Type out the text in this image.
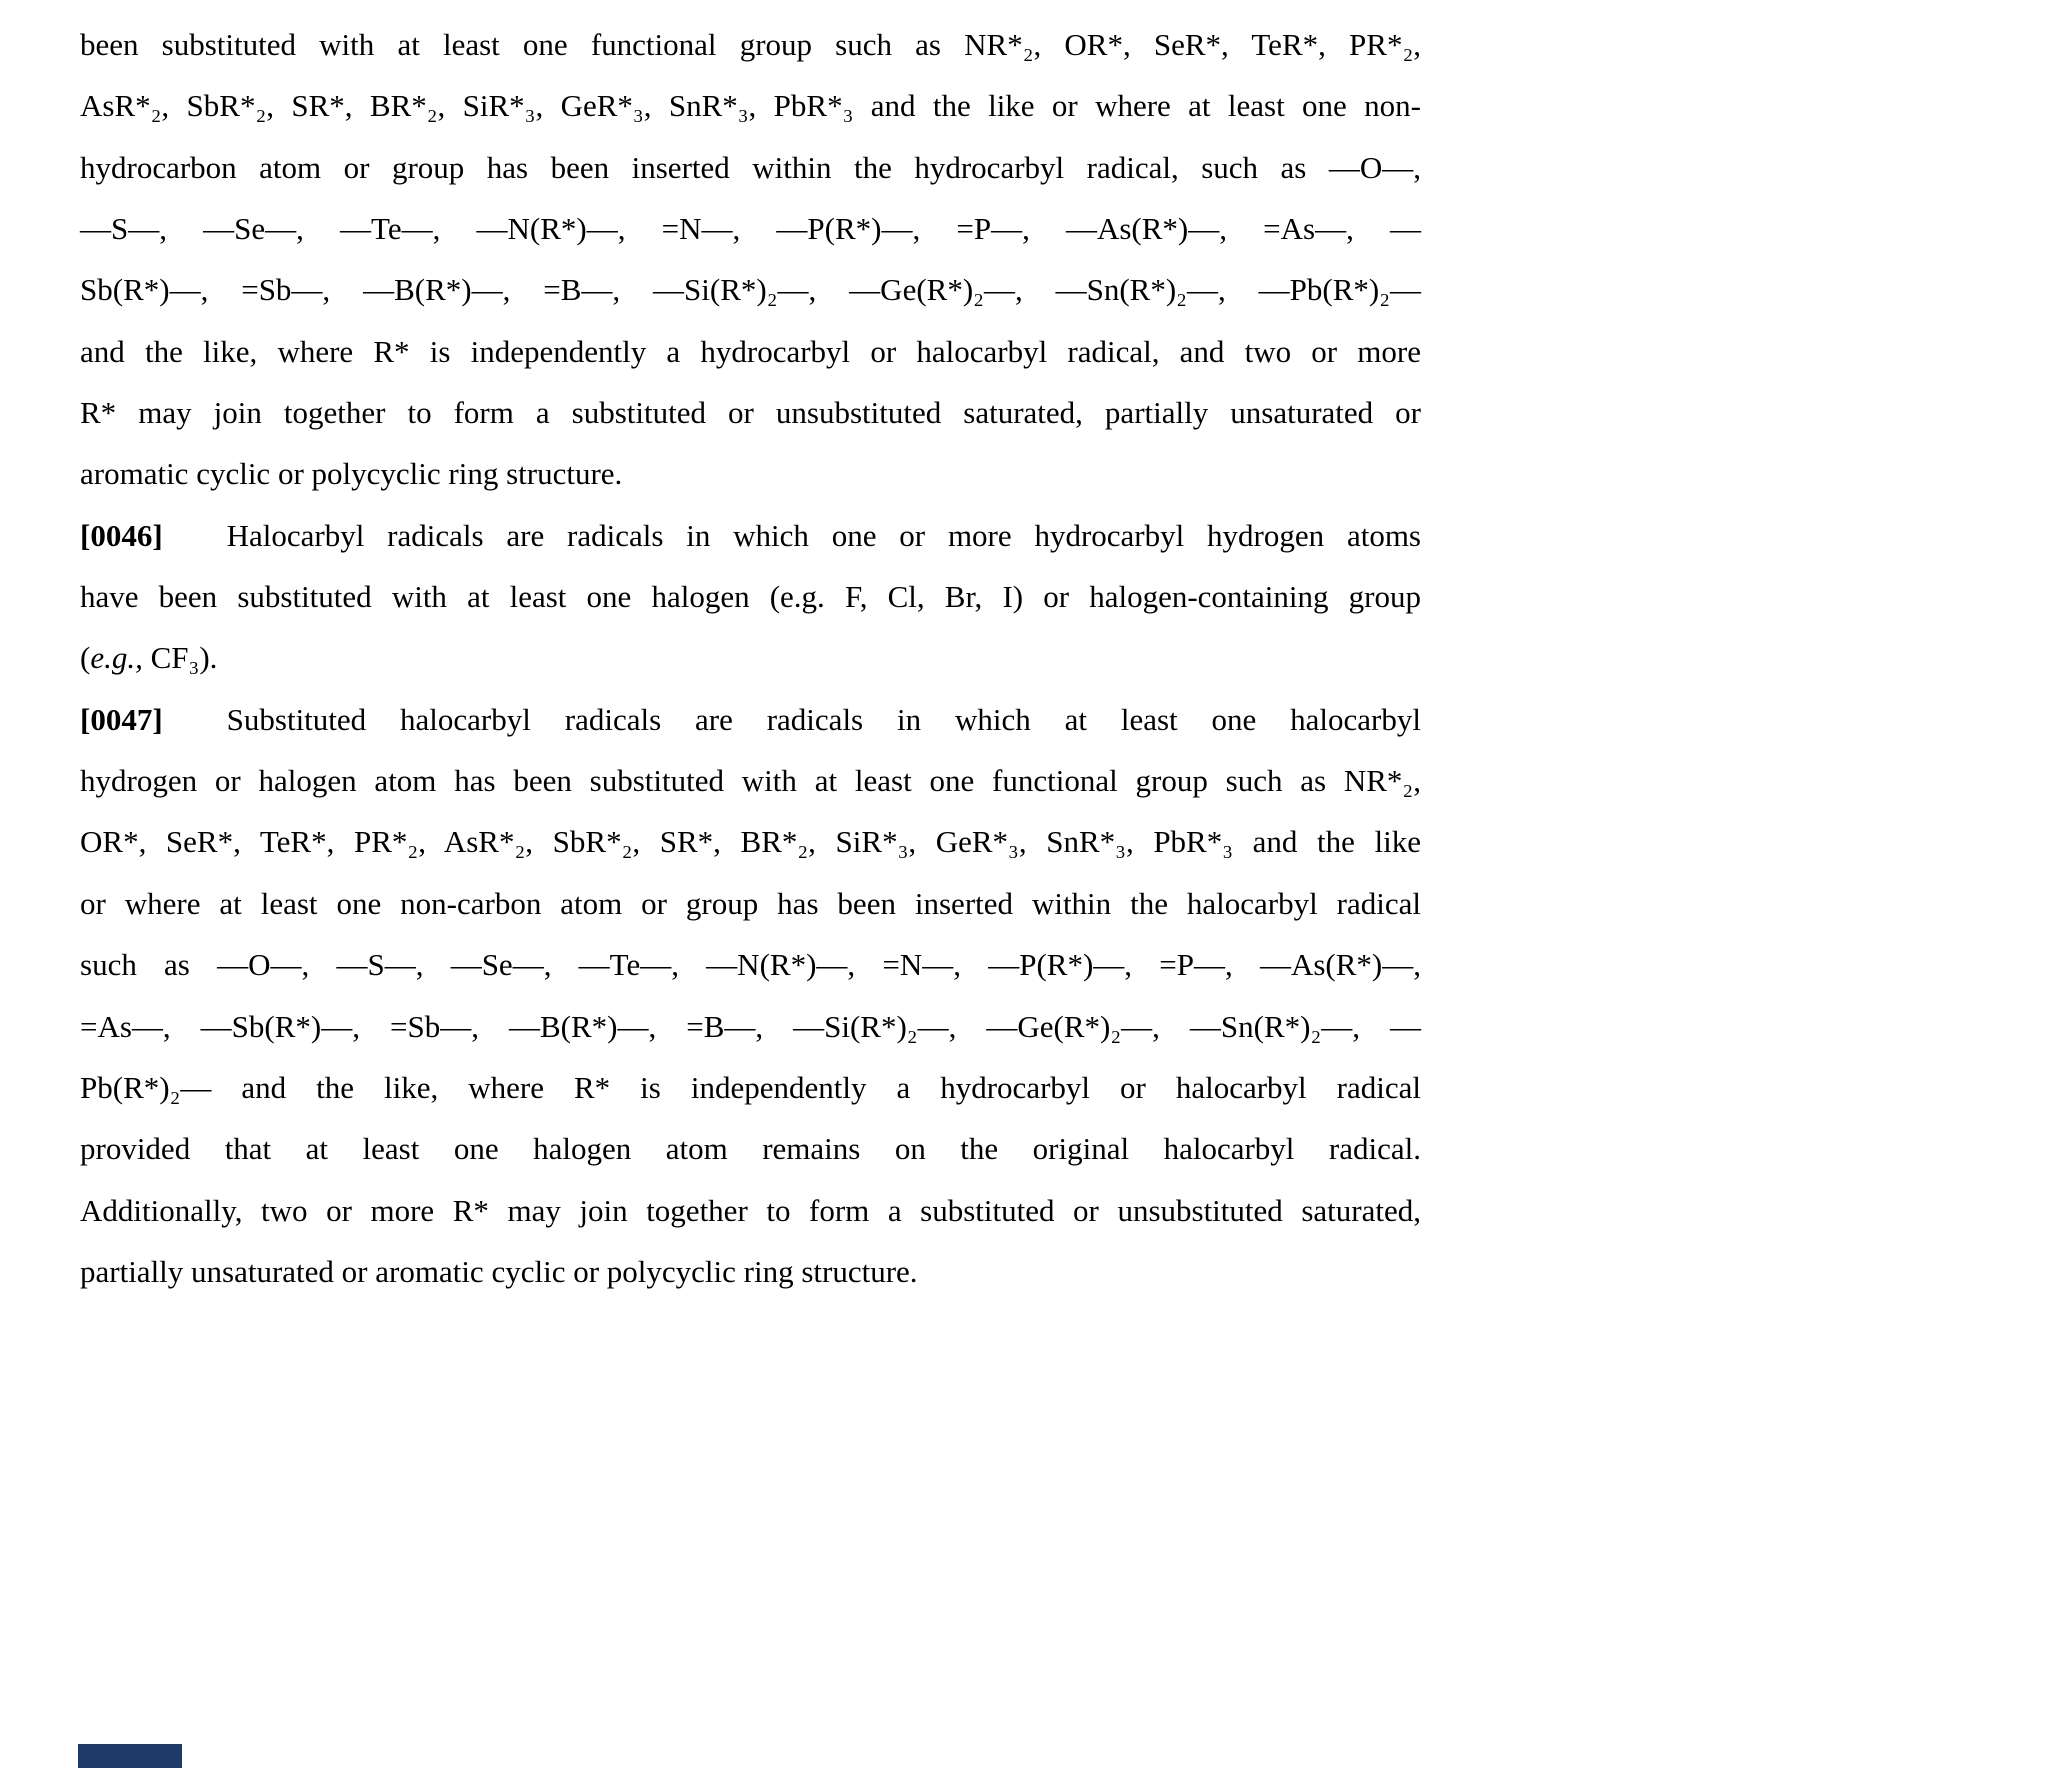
been substituted with at least one functional group such as NR*₂, OR*, SeR*, TeR*, PR*₂,
AsR*₂, SbR*₂, SR*, BR*₂, SiR*₃, GeR*₃, SnR*₃, PbR*₃ and the like or where at least one non-
hydrocarbon atom or group has been inserted within the hydrocarbyl radical, such as —O—,
—S—, —Se—, —Te—, —N(R*)—, =N—, —P(R*)—, =P—, —As(R*)—, =As—, —
Sb(R*)—, =Sb—, —B(R*)—, =B—, —Si(R*)₂—, —Ge(R*)₂—, —Sn(R*)₂—, —Pb(R*)₂—
and the like, where R* is independently a hydrocarbyl or halocarbyl radical, and two or more
R* may join together to form a substituted or unsubstituted saturated, partially unsaturated or
aromatic cyclic or polycyclic ring structure.
[0046] Halocarbyl radicals are radicals in which one or more hydrocarbyl hydrogen atoms
have been substituted with at least one halogen (e.g. F, Cl, Br, I) or halogen-containing group
(e.g., CF₃).
[0047] Substituted halocarbyl radicals are radicals in which at least one halocarbyl
hydrogen or halogen atom has been substituted with at least one functional group such as NR*₂,
OR*, SeR*, TeR*, PR*₂, AsR*₂, SbR*₂, SR*, BR*₂, SiR*₃, GeR*₃, SnR*₃, PbR*₃ and the like
or where at least one non-carbon atom or group has been inserted within the halocarbyl radical
such as —O—, —S—, —Se—, —Te—, —N(R*)—, =N—, —P(R*)—, =P—, —As(R*)—,
=As—, —Sb(R*)—, =Sb—, —B(R*)—, =B—, —Si(R*)₂—, —Ge(R*)₂—, —Sn(R*)₂—, —
Pb(R*)₂— and the like, where R* is independently a hydrocarbyl or halocarbyl radical
provided that at least one halogen atom remains on the original halocarbyl radical.
Additionally, two or more R* may join together to form a substituted or unsubstituted saturated,
partially unsaturated or aromatic cyclic or polycyclic ring structure.
